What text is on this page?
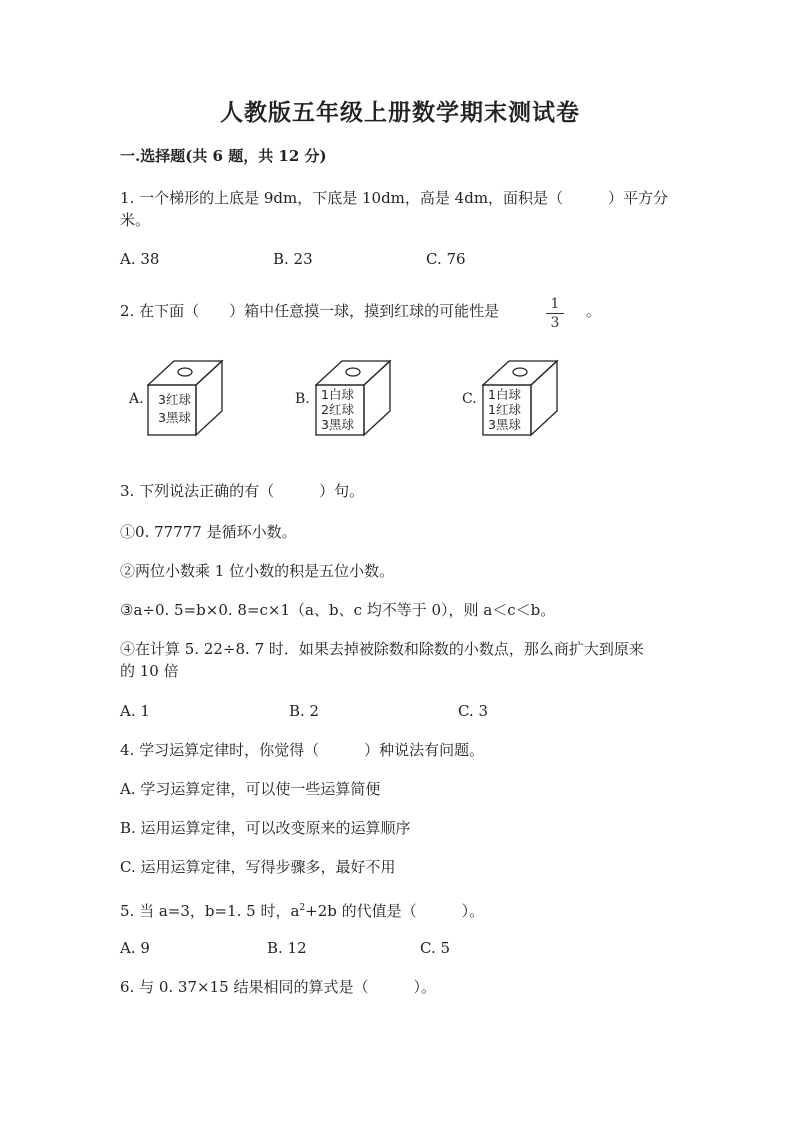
人教版五年级上册数学期末测试卷
一.选择题(共 6 题，共 12 分)
1. 一个梯形的上底是 9dm，下底是 10dm，高是 4dm，面积是（　　　）平方分
米。
A. 38	B. 23	C. 76
2. 在下面（　　）箱中任意摸一球，摸到红球的可能性是	1
3
。
A. 3红球
3黑球
B. 1白球
2红球
3黑球
C. 1白球
1红球
3黑球
3. 下列说法正确的有（　　　）句。
①0. 77777 是循环小数。
②两位小数乘 1 位小数的积是五位小数。
③a÷0. 5=b×0. 8=c×1（a、b、c 均不等于 0），则 a＜c＜b。
④在计算 5. 22÷8. 7 时．如果去掉被除数和除数的小数点，那么商扩大到原来
的 10 倍
A. 1	B. 2	C. 3
4. 学习运算定律时，你觉得（　　　）种说法有问题。
A. 学习运算定律，可以使一些运算简便
B. 运用运算定律，可以改变原来的运算顺序
C. 运用运算定律，写得步骤多，最好不用
5. 当 a=3，b=1. 5 时，$a^2+2b$ 的代值是（　　　）。
A. 9	B. 12	C. 5
6. 与 0. 37×15 结果相同的算式是（　　　）。
